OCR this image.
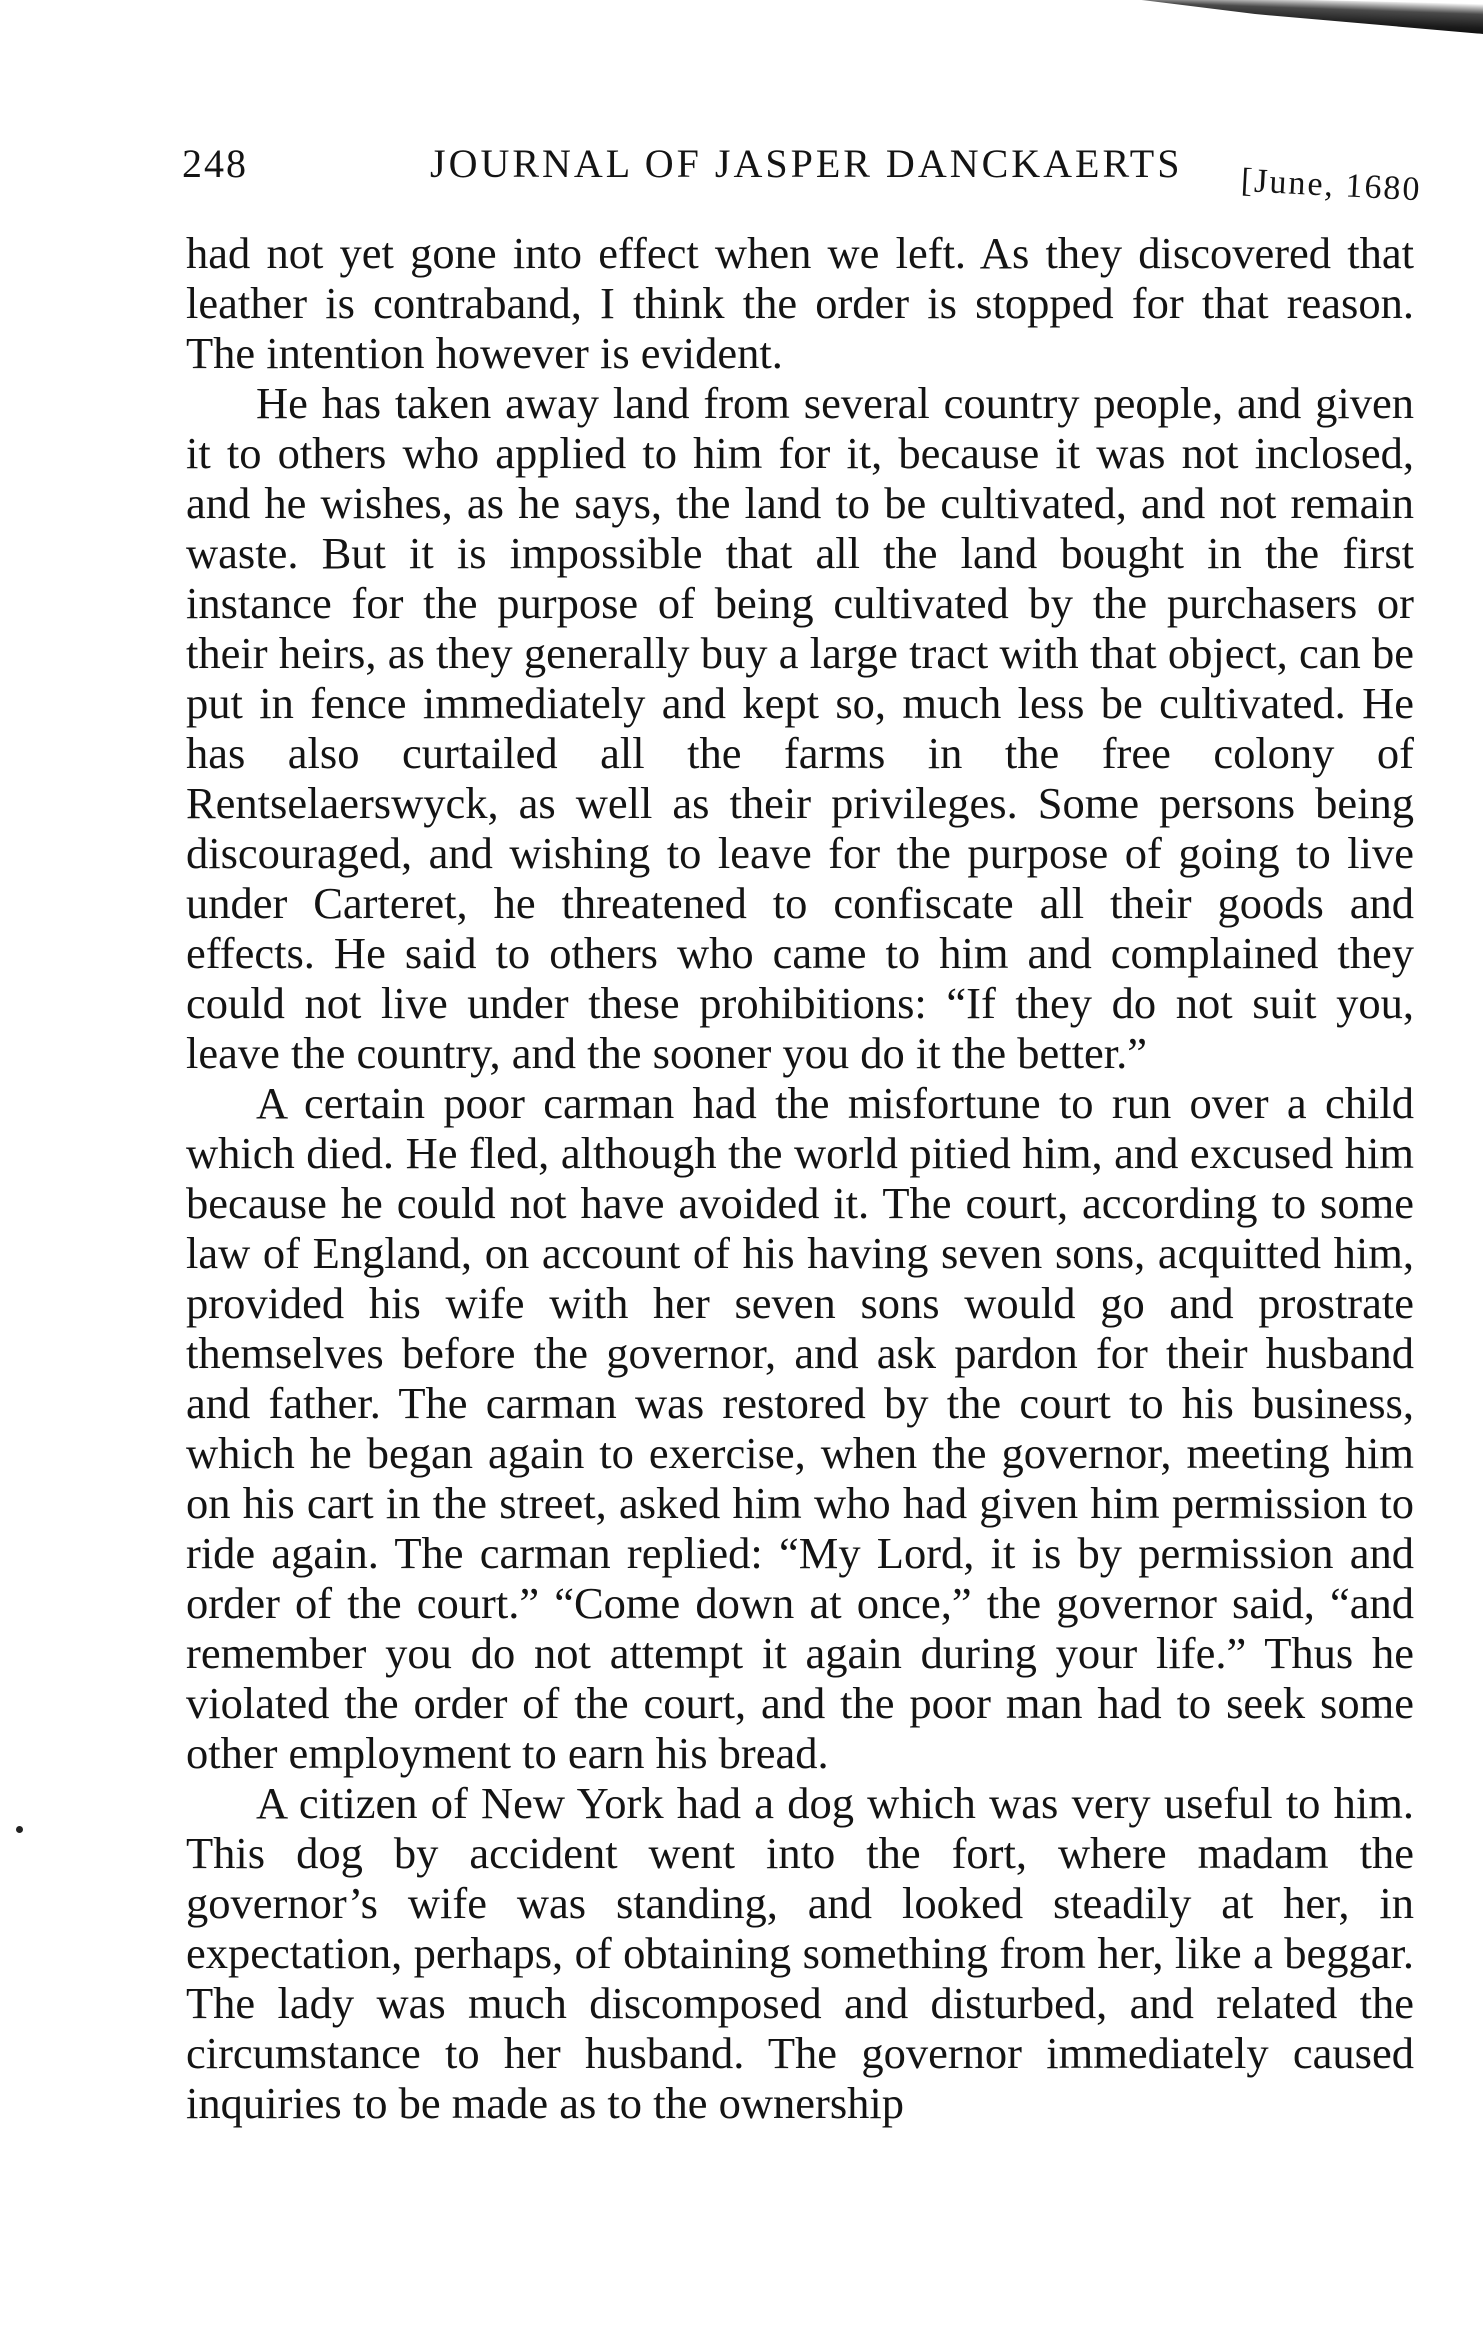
248	JOURNAL OF JASPER DANCKAERTS [June, 1680

had not yet gone into effect when we left. As they discovered that leather is contraband, I think the order is stopped for that reason. The intention however is evident.

He has taken away land from several country people, and given it to others who applied to him for it, because it was not inclosed, and he wishes, as he says, the land to be cultivated, and not remain waste. But it is impossible that all the land bought in the first instance for the purpose of being cultivated by the purchasers or their heirs, as they generally buy a large tract with that object, can be put in fence immediately and kept so, much less be cultivated. He has also curtailed all the farms in the free colony of Rentselaerswyck, as well as their privileges. Some persons being discouraged, and wishing to leave for the purpose of going to live under Carteret, he threatened to confiscate all their goods and effects. He said to others who came to him and complained they could not live under these prohibitions: “If they do not suit you, leave the country, and the sooner you do it the better.”

A certain poor carman had the misfortune to run over a child which died. He fled, although the world pitied him, and excused him because he could not have avoided it. The court, according to some law of England, on account of his having seven sons, acquitted him, provided his wife with her seven sons would go and prostrate themselves before the governor, and ask pardon for their husband and father. The carman was restored by the court to his business, which he began again to exercise, when the governor, meeting him on his cart in the street, asked him who had given him permission to ride again. The carman replied: “My Lord, it is by permission and order of the court.” “Come down at once,” the governor said, “and remember you do not attempt it again during your life.” Thus he violated the order of the court, and the poor man had to seek some other employment to earn his bread.

A citizen of New York had a dog which was very useful to him. This dog by accident went into the fort, where madam the governor’s wife was standing, and looked steadily at her, in expectation, perhaps, of obtaining something from her, like a beggar. The lady was much discomposed and disturbed, and related the circumstance to her husband. The governor immediately caused inquiries to be made as to the ownership
